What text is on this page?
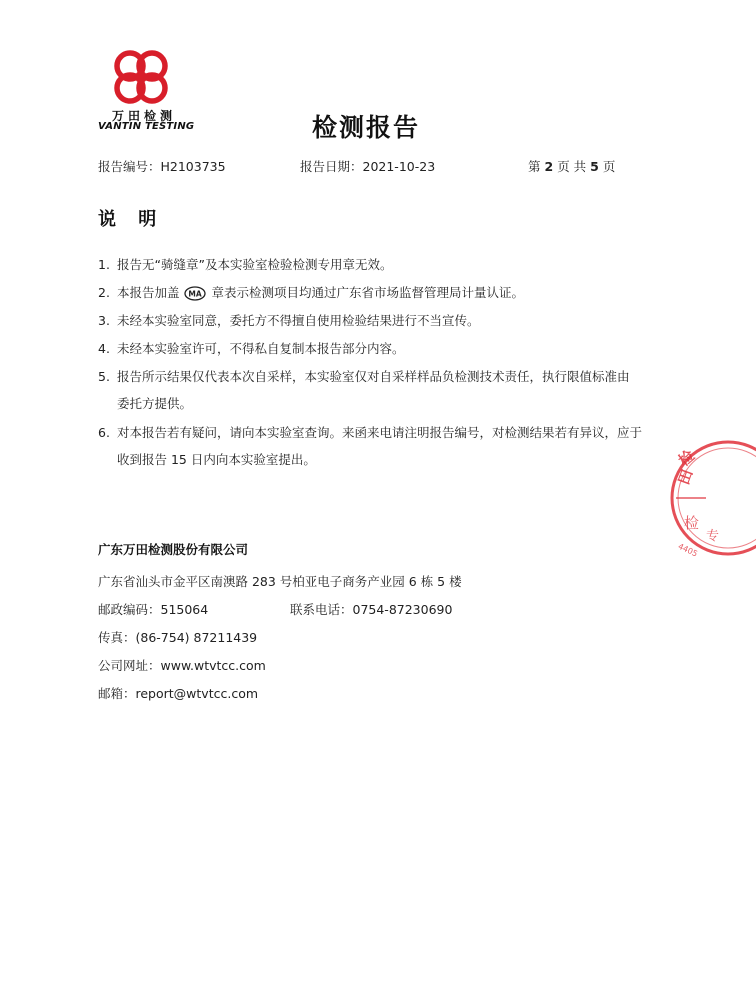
万田检测
VANTIN TESTING	检测报告
报告编号：H2103735	报告日期：2021-10-23	第 2 页 共 5 页
说 明
1. 报告无“骑缝章”及本实验室检验检测专用章无效。
2. 本报告加盖 MA 章表示检测项目均通过广东省市场监督管理局计量认证。
3. 未经本实验室同意，委托方不得擅自使用检验结果进行不当宣传。
4. 未经本实验室许可，不得私自复制本报告部分内容。
5. 报告所示结果仅代表本次自采样，本实验室仅对自采样样品负检测技术责任，执行限值标准由
委托方提供。
6. 对本报告若有疑问，请向本实验室查询。来函来电请注明报告编号，对检测结果若有异议，应于
收到报告 15 日内向本实验室提出。
广东万田检测股份有限公司
广东省汕头市金平区南澳路 283 号柏亚电子商务产业园 6 栋 5 楼
邮政编码：515064	联系电话：0754-87230690
传真：(86-754) 87211439
公司网址：www.wtvtcc.com
邮箱：report@wtvtcc.com
检
田
检
专
4405
